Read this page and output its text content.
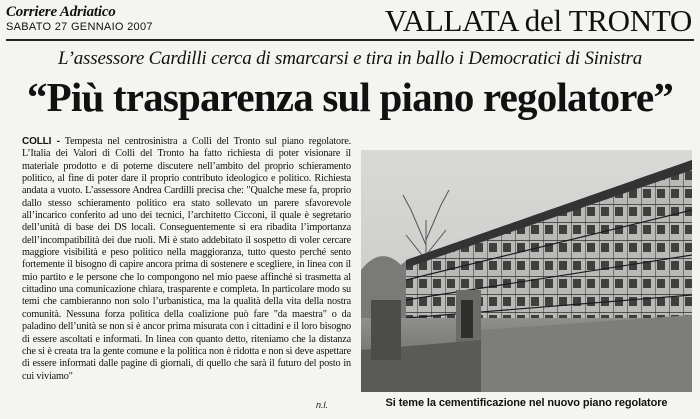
Corriere Adriatico
SABATO 27 GENNAIO 2007	VALLATA del TRONTO
L’assessore Cardilli cerca di smarcarsi e tira in ballo i Democratici di Sinistra
“Più trasparenza sul piano regolatore”

COLLI - Tempesta nel centrosinistra a Colli del Tronto sul piano regolatore. L’Italia dei Valori di Colli del Tronto ha fatto richiesta di poter visionare il materiale prodotto e di poterne discutere nell’ambito del proprio schieramento politico, al fine di poter dare il proprio contributo ideologico e politico. Richiesta andata a vuoto. L’assessore Andrea Cardilli precisa che: "Qualche mese fa, proprio dallo stesso schieramento politico era stato sollevato un parere sfavorevole all’incarico conferito ad uno dei tecnici, l’architetto Cicconi, il quale è segretario dell’unità di base dei DS locali. Conseguentemente si era ribadita l’importanza dell’incompatibilità dei due ruoli. Mi è stato addebitato il sospetto di voler cercare maggiore visibilità e peso politico nella maggioranza, tutto questo perché sento fortemente il bisogno di capire ancora prima di sostenere e scegliere, in linea con il mio partito e le persone che lo compongono nel mio paese affinché si trasmetta al cittadino una comunicazione chiara, trasparente e completa. In particolare modo su temi che cambieranno non solo l’urbanistica, ma la qualità della vita della nostra comunità. Nessuna forza politica della coalizione può fare "da maestra" o da paladino dell’unità se non si è ancor prima misurata con i cittadini e il loro bisogno di essere ascoltati e informati. In linea con quanto detto, riteniamo che la distanza che si è creata tra la gente comune e la politica non è ridotta e non si deve aspettare di essere informati dalle pagine di giornali, di quello che sarà il futuro del posto in cui viviamo"

n.l.	Si teme la cementificazione nel nuovo piano regolatore
